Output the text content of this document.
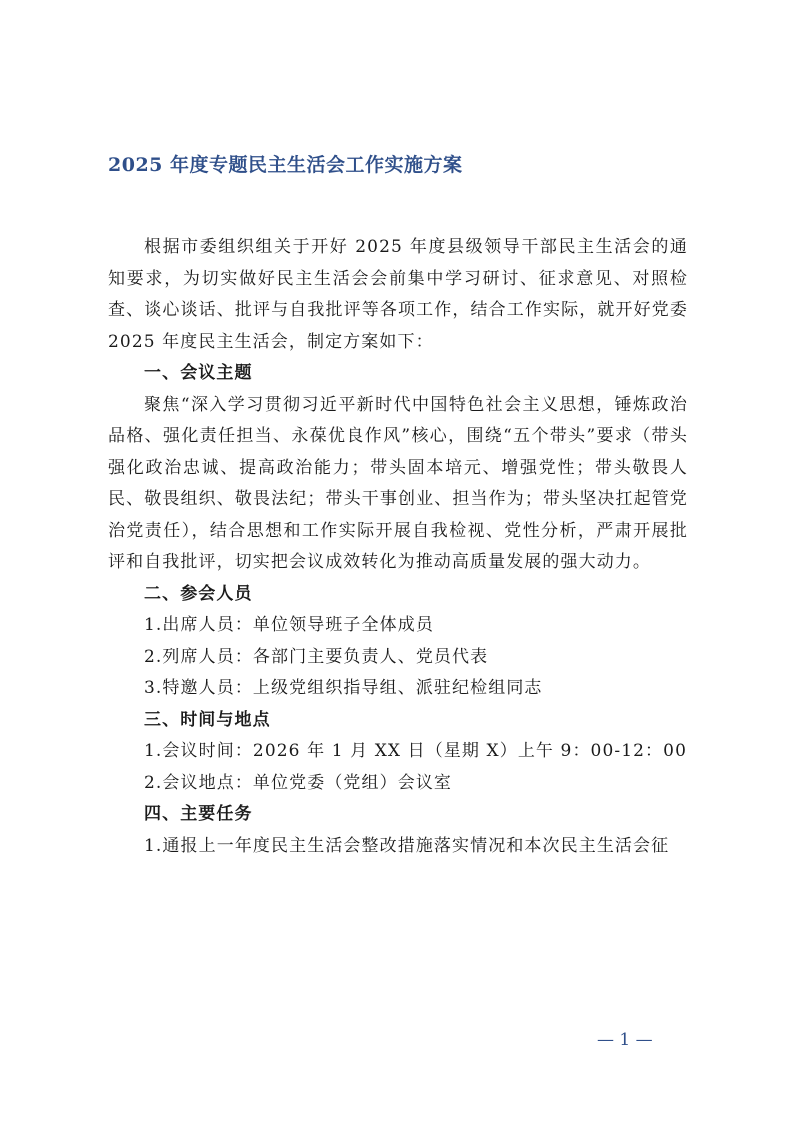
2025 年度专题民主生活会工作实施方案

根据市委组织组关于开好 2025 年度县级领导干部民主生活会的通知要求，为切实做好民主生活会会前集中学习研讨、征求意见、对照检查、谈心谈话、批评与自我批评等各项工作，结合工作实际，就开好党委 2025 年度民主生活会，制定方案如下：

一、会议主题

聚焦“深入学习贯彻习近平新时代中国特色社会主义思想，锤炼政治品格、强化责任担当、永葆优良作风”核心，围绕“五个带头”要求（带头强化政治忠诚、提高政治能力；带头固本培元、增强党性；带头敬畏人民、敬畏组织、敬畏法纪；带头干事创业、担当作为；带头坚决扛起管党治党责任），结合思想和工作实际开展自我检视、党性分析，严肃开展批评和自我批评，切实把会议成效转化为推动高质量发展的强大动力。

二、参会人员

1.出席人员：单位领导班子全体成员

2.列席人员：各部门主要负责人、党员代表

3.特邀人员：上级党组织指导组、派驻纪检组同志

三、时间与地点

1.会议时间：2026 年 1 月 XX 日（星期 X）上午 9：00-12：00

2.会议地点：单位党委（党组）会议室

四、主要任务

1.通报上一年度民主生活会整改措施落实情况和本次民主生活会征

— 1 —
